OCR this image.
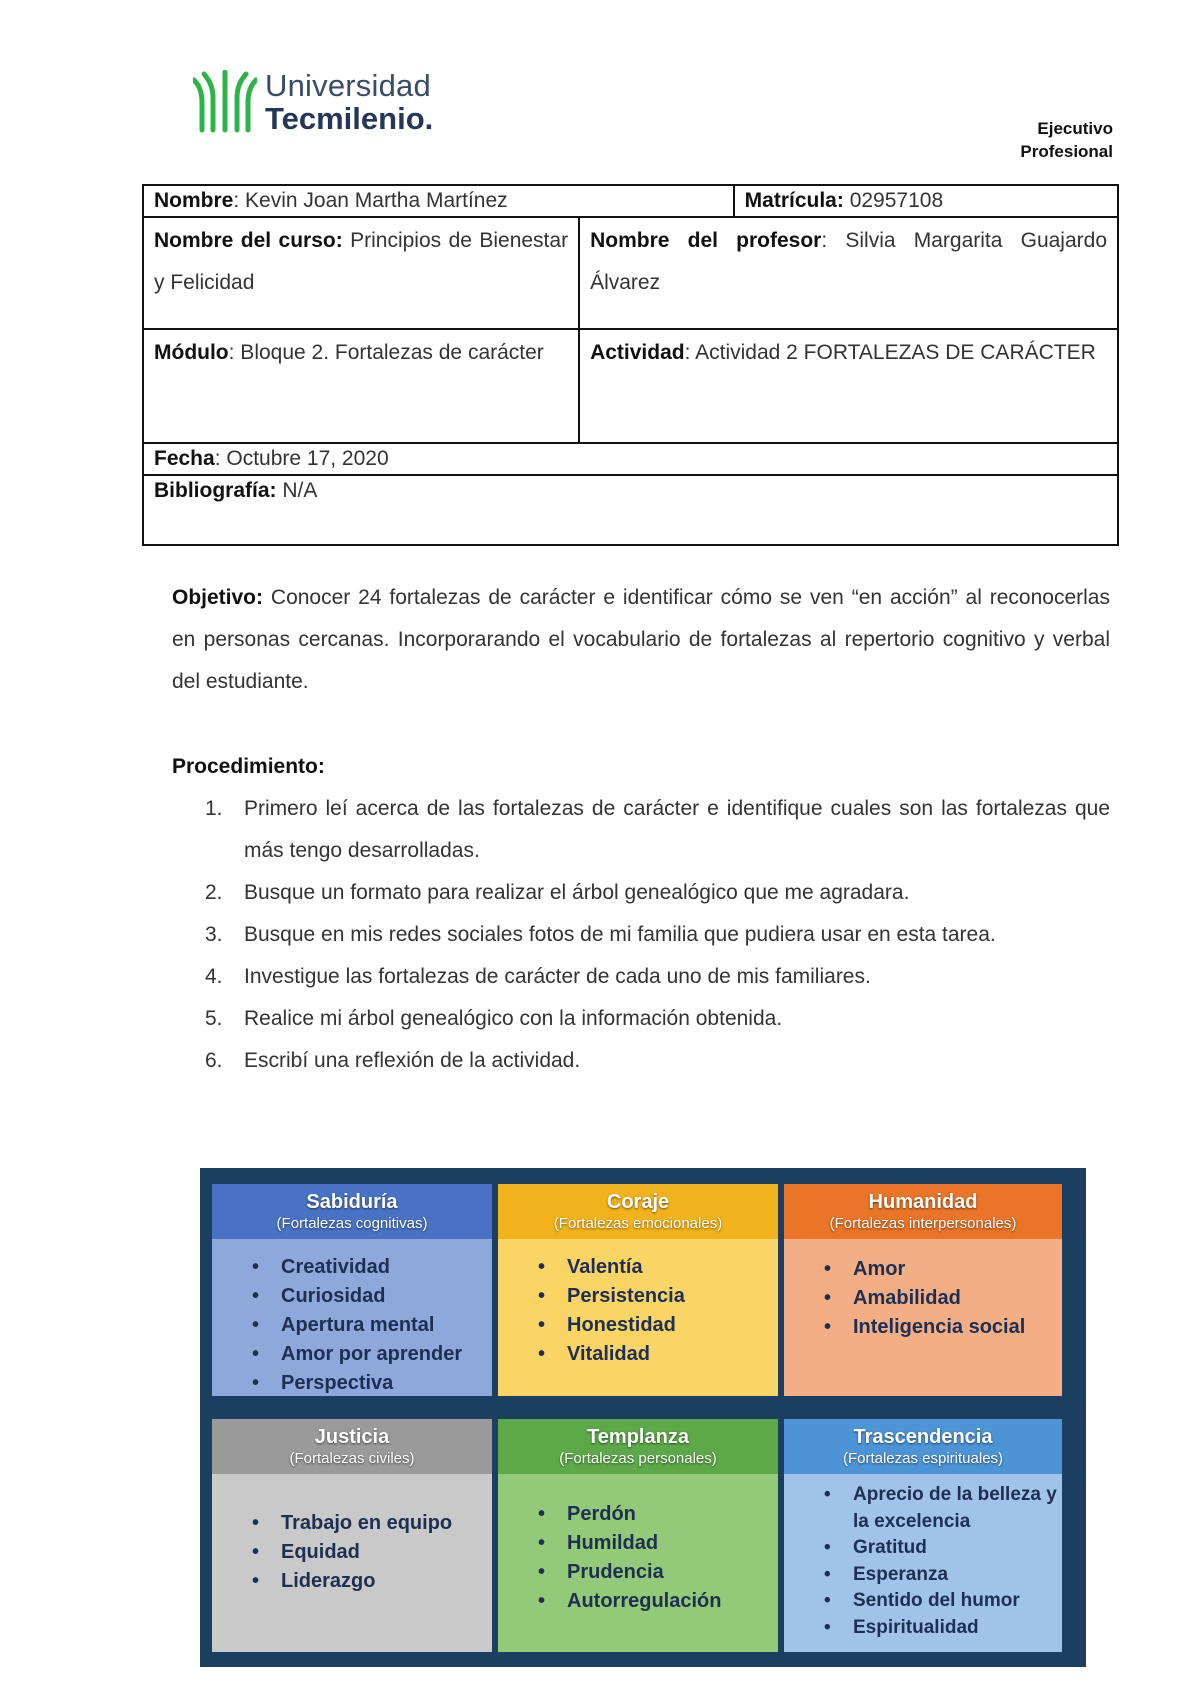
Universidad
Tecmilenio.	Ejecutivo
Profesional
Nombre: Kevin Joan Martha Martínez		Matrícula: 02957108
Nombre del curso: Principios de Bienestar y Felicidad	Nombre del profesor: Silvia Margarita Guajardo Álvarez	
Módulo: Bloque 2. Fortalezas de carácter	Actividad: Actividad 2 FORTALEZAS DE CARÁCTER	
Fecha: Octubre 17, 2020		
Bibliografía: N/A		
Objetivo: Conocer 24 fortalezas de carácter e identificar cómo se ven “en acción” al reconocerlas en personas cercanas. Incorporarando el vocabulario de fortalezas al repertorio cognitivo y verbal del estudiante.
Procedimiento:
1.	Primero leí acerca de las fortalezas de carácter e identifique cuales son las fortalezas que más tengo desarrolladas.
2.	Busque un formato para realizar el árbol genealógico que me agradara.
3.	Busque en mis redes sociales fotos de mi familia que pudiera usar en esta tarea.
4.	Investigue las fortalezas de carácter de cada uno de mis familiares.
5.	Realice mi árbol genealógico con la información obtenida.
6.	Escribí una reflexión de la actividad.
Sabiduría
(Fortalezas cognitivas)
• Creatividad
• Curiosidad
• Apertura mental
• Amor por aprender
• Perspectiva
Coraje
(Fortalezas emocionales)
• Valentía
• Persistencia
• Honestidad
• Vitalidad
Humanidad
(Fortalezas interpersonales)
• Amor
• Amabilidad
• Inteligencia social
Justicia
(Fortalezas civiles)
• Trabajo en equipo
• Equidad
• Liderazgo
Templanza
(Fortalezas personales)
• Perdón
• Humildad
• Prudencia
• Autorregulación
Trascendencia
(Fortalezas espirituales)
• Aprecio de la belleza y la excelencia
• Gratitud
• Esperanza
• Sentido del humor
• Espiritualidad
